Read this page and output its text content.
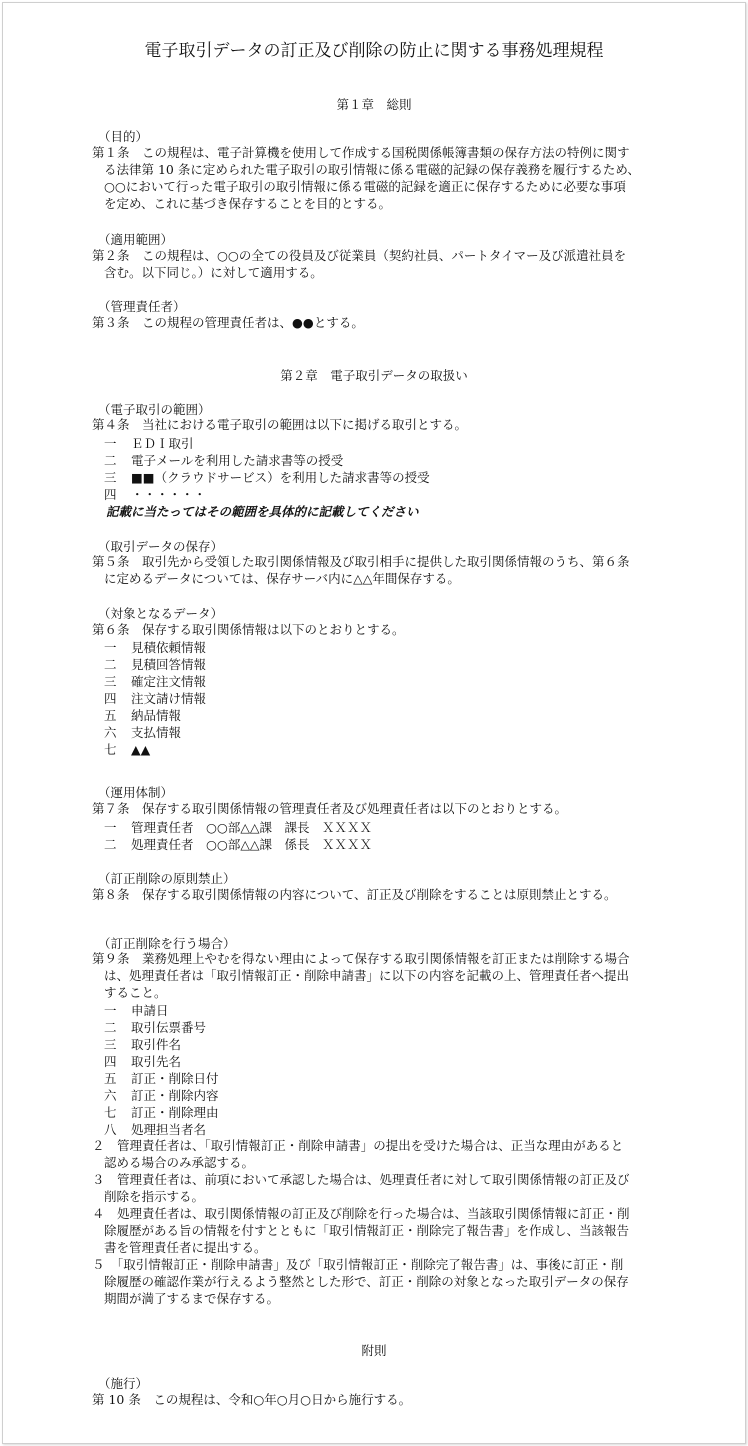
電子取引データの訂正及び削除の防止に関する事務処理規程
第１章　総則
（目的）
第１条　この規程は、電子計算機を使用して作成する国税関係帳簿書類の保存方法の特例に関す
る法律第 10 条に定められた電子取引の取引情報に係る電磁的記録の保存義務を履行するため、
○○において行った電子取引の取引情報に係る電磁的記録を適正に保存するために必要な事項
を定め、これに基づき保存することを目的とする。
（適用範囲）
第２条　この規程は、○○の全ての役員及び従業員（契約社員、パートタイマー及び派遣社員を
含む。以下同じ。）に対して適用する。
（管理責任者）
第３条　この規程の管理責任者は、●●とする。
第２章　電子取引データの取扱い
（電子取引の範囲）
第４条　当社における電子取引の範囲は以下に掲げる取引とする。
一 ＥＤＩ取引
二 電子メールを利用した請求書等の授受
三 ■■（クラウドサービス）を利用した請求書等の授受
四 ・・・・・・
記載に当たってはその範囲を具体的に記載してください
（取引データの保存）
第５条　取引先から受領した取引関係情報及び取引相手に提供した取引関係情報のうち、第６条
に定めるデータについては、保存サーバ内に△△年間保存する。
（対象となるデータ）
第６条　保存する取引関係情報は以下のとおりとする。
一 見積依頼情報
二 見積回答情報
三 確定注文情報
四 注文請け情報
五 納品情報
六 支払情報
七 ▲▲
（運用体制）
第７条　保存する取引関係情報の管理責任者及び処理責任者は以下のとおりとする。
一 管理責任者　○○部△△課　課長　ＸＸＸＸ
二 処理責任者　○○部△△課　係長　ＸＸＸＸ
（訂正削除の原則禁止）
第８条　保存する取引関係情報の内容について、訂正及び削除をすることは原則禁止とする。
（訂正削除を行う場合）
第９条　業務処理上やむを得ない理由によって保存する取引関係情報を訂正または削除する場合
は、処理責任者は「取引情報訂正・削除申請書」に以下の内容を記載の上、管理責任者へ提出
すること。
一 申請日
二 取引伝票番号
三 取引件名
四 取引先名
五 訂正・削除日付
六 訂正・削除内容
七 訂正・削除理由
八 処理担当者名
２　管理責任者は、「取引情報訂正・削除申請書」の提出を受けた場合は、正当な理由があると
認める場合のみ承認する。
３　管理責任者は、前項において承認した場合は、処理責任者に対して取引関係情報の訂正及び
削除を指示する。
４　処理責任者は、取引関係情報の訂正及び削除を行った場合は、当該取引関係情報に訂正・削
除履歴がある旨の情報を付すとともに「取引情報訂正・削除完了報告書」を作成し、当該報告
書を管理責任者に提出する。
５　「取引情報訂正・削除申請書」及び「取引情報訂正・削除完了報告書」は、事後に訂正・削
除履歴の確認作業が行えるよう整然とした形で、訂正・削除の対象となった取引データの保存
期間が満了するまで保存する。
附則
（施行）
第 10 条　この規程は、令和○年○月○日から施行する。
